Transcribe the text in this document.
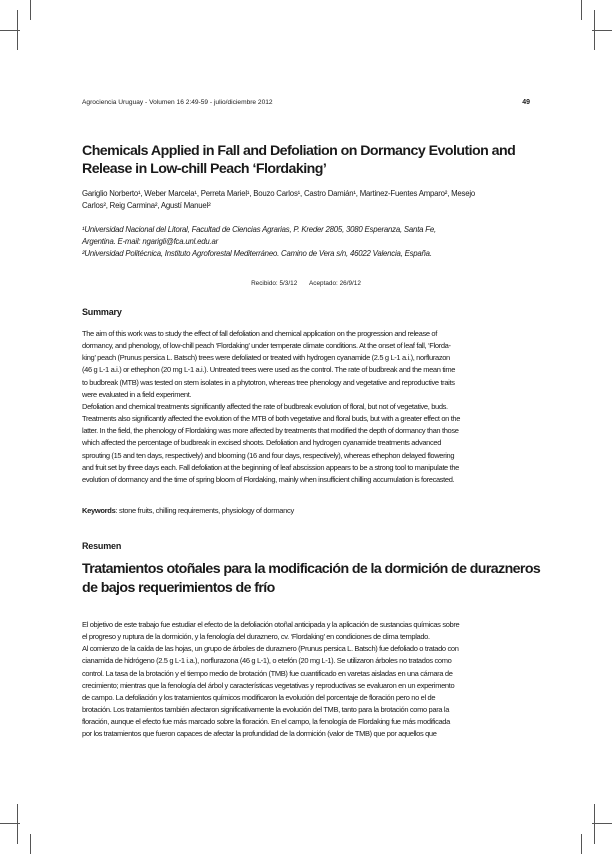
Agrociencia Uruguay - Volumen 16 2:49-59 - julio/diciembre 2012	49
Chemicals Applied in Fall and Defoliation on Dormancy Evolution and
Release in Low-chill Peach ‘Flordaking’
Gariglio Norberto¹, Weber Marcela¹, Perreta Mariel¹, Bouzo Carlos¹, Castro Damián¹, Martinez-Fuentes Amparo², Mesejo
Carlos², Reig Carmina², Agustí Manuel²
¹Universidad Nacional del Litoral, Facultad de Ciencias Agrarias, P. Kreder 2805, 3080 Esperanza, Santa Fe,
Argentina. E-mail: ngarigli@fca.unl.edu.ar
²Universidad Politécnica, Instituto Agroforestal Mediterráneo. Camino de Vera s/n, 46022 Valencia, España.
Recibido: 5/3/12 Aceptado: 26/9/12
Summary

The aim of this work was to study the effect of fall defoliation and chemical application on the progression and release of

dormancy, and phenology, of low-chill peach ‘Flordaking’ under temperate climate conditions. At the onset of leaf fall, ‘Florda-

king’ peach (Prunus persica L. Batsch) trees were defoliated or treated with hydrogen cyanamide (2.5 g L-1 a.i.), norflurazon

(46 g L-1 a.i.) or ethephon (20 mg L-1 a.i.). Untreated trees were used as the control. The rate of budbreak and the mean time

to budbreak (MTB) was tested on stem isolates in a phytotron, whereas tree phenology and vegetative and reproductive traits

were evaluated in a field experiment.

Defoliation and chemical treatments significantly affected the rate of budbreak evolution of floral, but not of vegetative, buds.

Treatments also significantly affected the evolution of the MTB of both vegetative and floral buds, but with a greater effect on the

latter. In the field, the phenology of Flordaking was more affected by treatments that modified the depth of dormancy than those

which affected the percentage of budbreak in excised shoots. Defoliation and hydrogen cyanamide treatments advanced

sprouting (15 and ten days, respectively) and blooming (16 and four days, respectively), whereas ethephon delayed flowering

and fruit set by three days each. Fall defoliation at the beginning of leaf abscission appears to be a strong tool to manipulate the

evolution of dormancy and the time of spring bloom of Flordaking, mainly when insufficient chilling accumulation is forecasted.

Keywords: stone fruits, chilling requirements, physiology of dormancy
Resumen
Tratamientos otoñales para la modificación de la dormición de durazneros
de bajos requerimientos de frío

El objetivo de este trabajo fue estudiar el efecto de la defoliación otoñal anticipada y la aplicación de sustancias químicas sobre

el progreso y ruptura de la dormición, y la fenología del duraznero, cv. ‘Flordaking’ en condiciones de clima templado.

Al comienzo de la caída de las hojas, un grupo de árboles de duraznero (Prunus persica L. Batsch) fue defoliado o tratado con

cianamida de hidrógeno (2.5 g L-1 i.a.), norflurazona (46 g L-1), o etefón (20 mg L-1). Se utilizaron árboles no tratados como

control. La tasa de la brotación y el tiempo medio de brotación (TMB) fue cuantificado en varetas aisladas en una cámara de

crecimiento; mientras que la fenología del árbol y características vegetativas y reproductivas se evaluaron en un experimento

de campo. La defoliación y los tratamientos químicos modificaron la evolución del porcentaje de floración pero no el de

brotación. Los tratamientos también afectaron significativamente la evolución del TMB, tanto para la brotación como para la

floración, aunque el efecto fue más marcado sobre la floración. En el campo, la fenología de Flordaking fue más modificada

por los tratamientos que fueron capaces de afectar la profundidad de la dormición (valor de TMB) que por aquellos que
